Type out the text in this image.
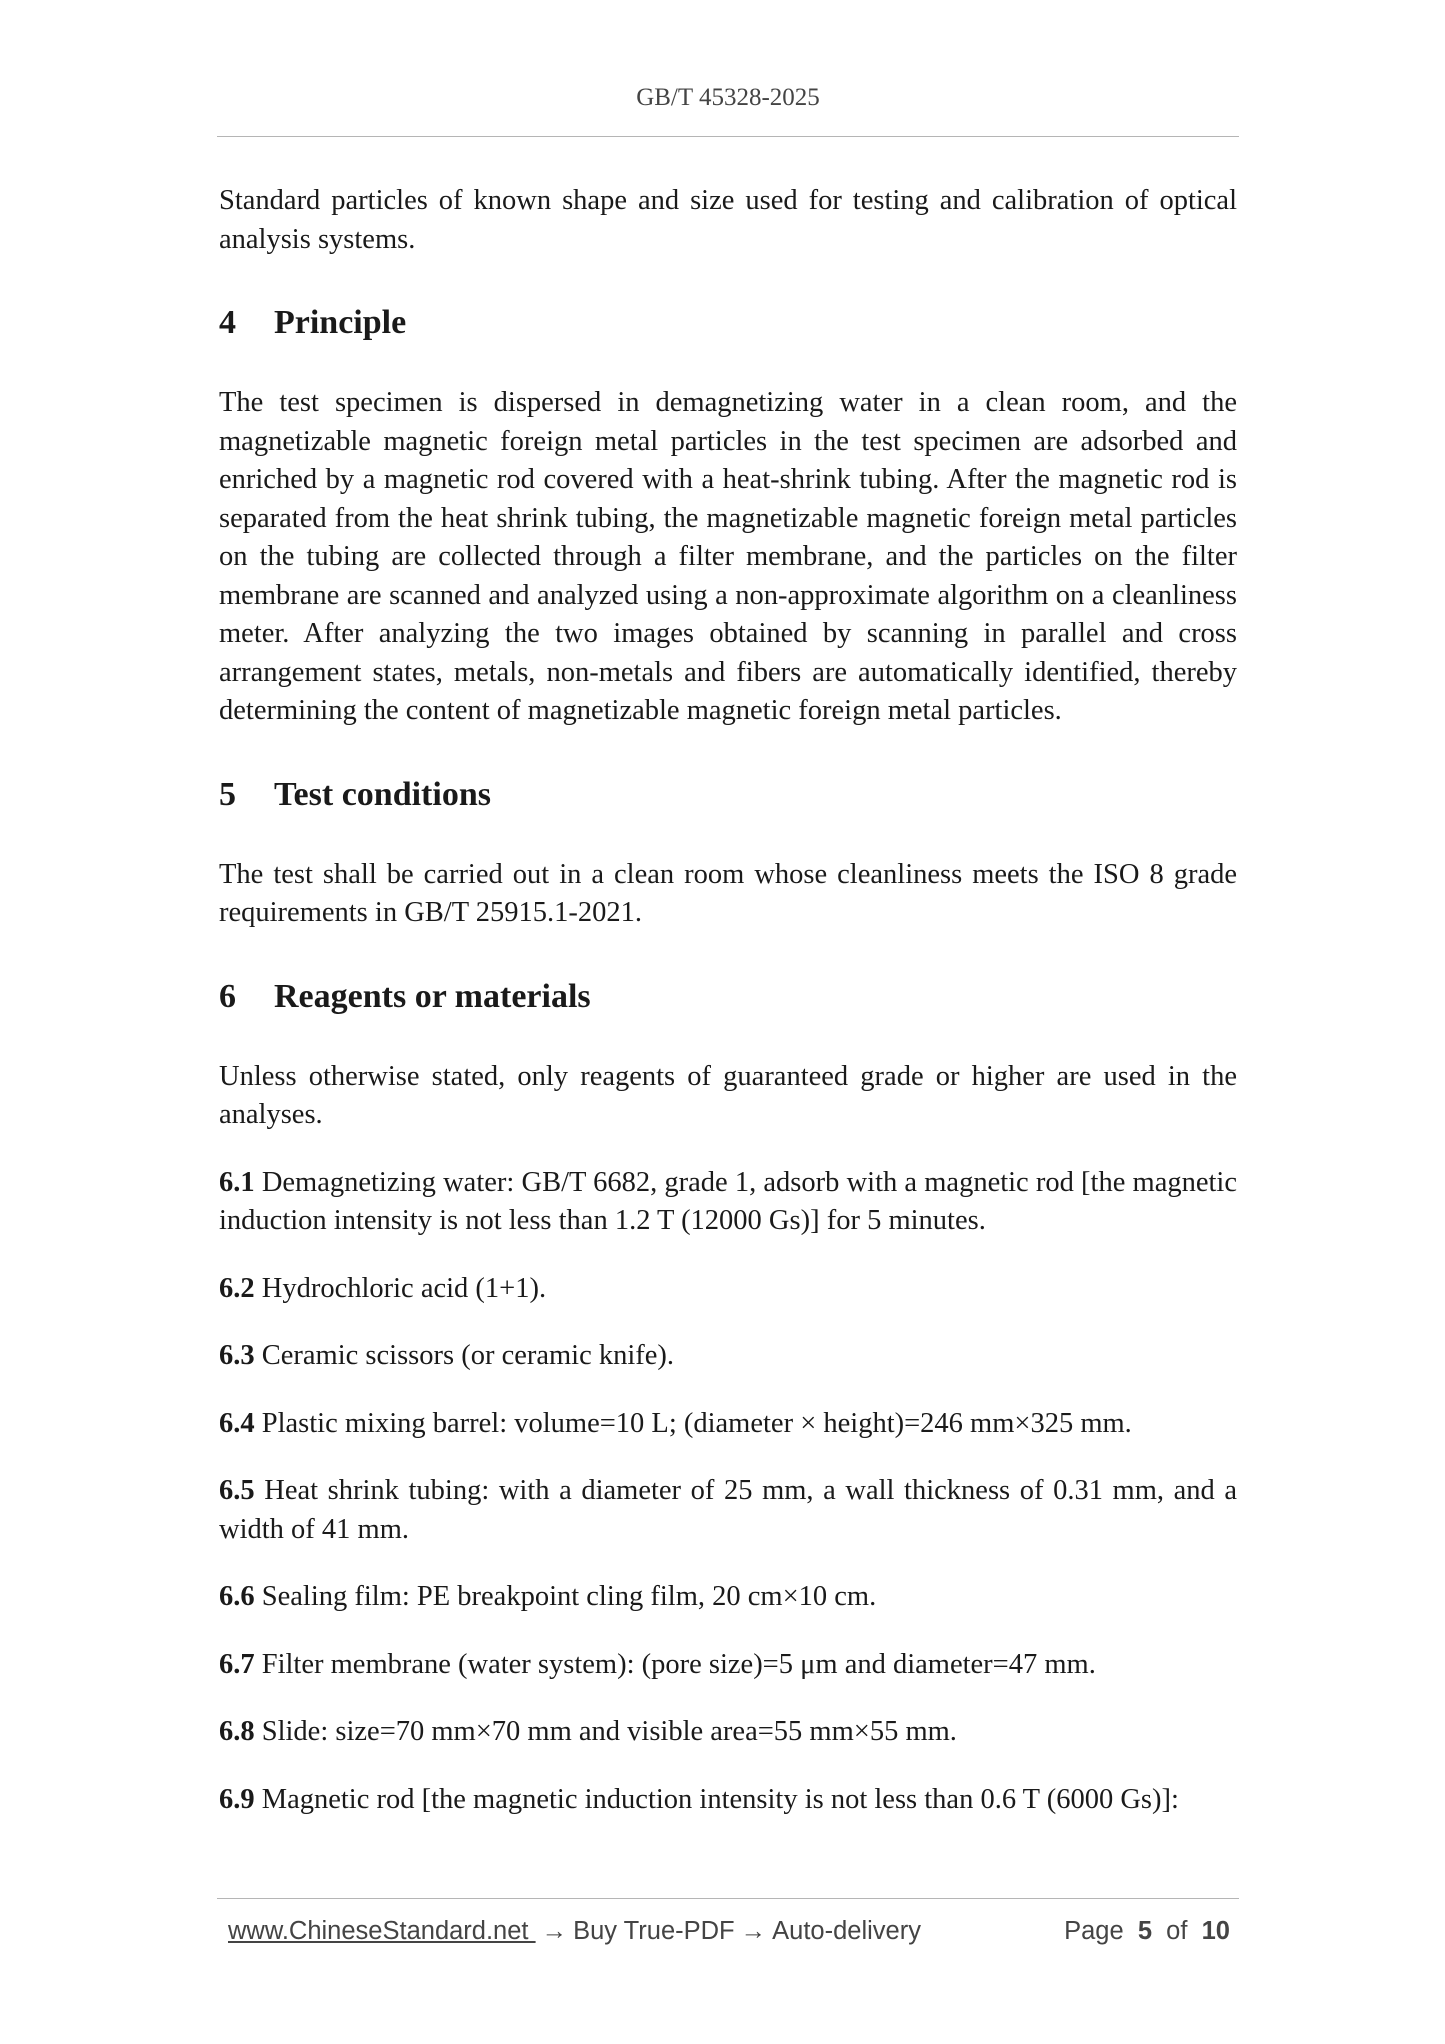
GB/T 45328-2025

Standard particles of known shape and size used for testing and calibration of optical analysis systems.

4 Principle

The test specimen is dispersed in demagnetizing water in a clean room, and the magnetizable magnetic foreign metal particles in the test specimen are adsorbed and enriched by a magnetic rod covered with a heat-shrink tubing. After the magnetic rod is separated from the heat shrink tubing, the magnetizable magnetic foreign metal particles on the tubing are collected through a filter membrane, and the particles on the filter membrane are scanned and analyzed using a non-approximate algorithm on a cleanliness meter. After analyzing the two images obtained by scanning in parallel and cross arrangement states, metals, non-metals and fibers are automatically identified, thereby determining the content of magnetizable magnetic foreign metal particles.

5 Test conditions

The test shall be carried out in a clean room whose cleanliness meets the ISO 8 grade requirements in GB/T 25915.1-2021.

6 Reagents or materials

Unless otherwise stated, only reagents of guaranteed grade or higher are used in the analyses.

6.1 Demagnetizing water: GB/T 6682, grade 1, adsorb with a magnetic rod [the magnetic induction intensity is not less than 1.2 T (12000 Gs)] for 5 minutes.

6.2 Hydrochloric acid (1+1).

6.3 Ceramic scissors (or ceramic knife).

6.4 Plastic mixing barrel: volume=10 L; (diameter × height)=246 mm×325 mm.

6.5 Heat shrink tubing: with a diameter of 25 mm, a wall thickness of 0.31 mm, and a width of 41 mm.

6.6 Sealing film: PE breakpoint cling film, 20 cm×10 cm.

6.7 Filter membrane (water system): (pore size)=5 μm and diameter=47 mm.

6.8 Slide: size=70 mm×70 mm and visible area=55 mm×55 mm.

6.9 Magnetic rod [the magnetic induction intensity is not less than 0.6 T (6000 Gs)]:

www.ChineseStandard.net → Buy True-PDF → Auto-delivery	Page 5 of 10
